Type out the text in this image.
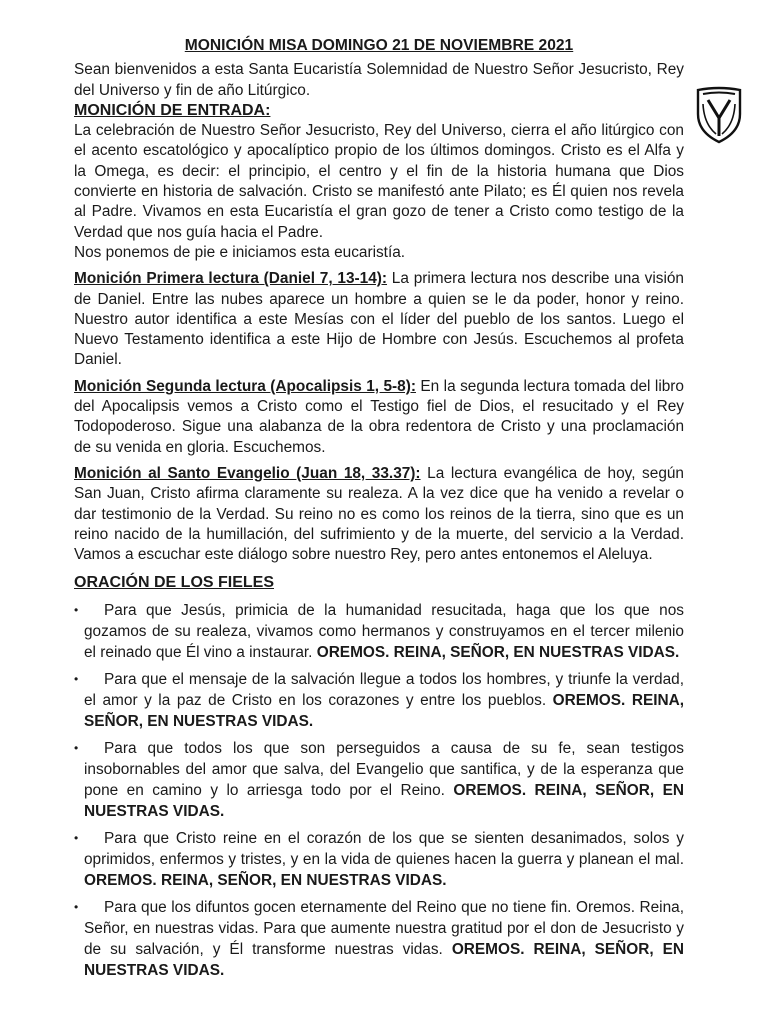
MONICIÓN MISA DOMINGO 21 DE NOVIEMBRE 2021

Sean bienvenidos a esta Santa Eucaristía Solemnidad de Nuestro Señor Jesucristo, Rey del Universo y fin de año Litúrgico.

MONICIÓN DE ENTRADA:

La celebración de Nuestro Señor Jesucristo, Rey del Universo, cierra el año litúrgico con el acento escatológico y apocalíptico propio de los últimos domingos. Cristo es el Alfa y la Omega, es decir: el principio, el centro y el fin de la historia humana que Dios convierte en historia de salvación. Cristo se manifestó ante Pilato; es Él quien nos revela al Padre. Vivamos en esta Eucaristía el gran gozo de tener a Cristo como testigo de la Verdad que nos guía hacia el Padre.

Nos ponemos de pie e iniciamos esta eucaristía.

Monición Primera lectura (Daniel 7, 13-14): La primera lectura nos describe una visión de Daniel. Entre las nubes aparece un hombre a quien se le da poder, honor y reino. Nuestro autor identifica a este Mesías con el líder del pueblo de los santos. Luego el Nuevo Testamento identifica a este Hijo de Hombre con Jesús. Escuchemos al profeta Daniel.

Monición Segunda lectura (Apocalipsis 1, 5-8): En la segunda lectura tomada del libro del Apocalipsis vemos a Cristo como el Testigo fiel de Dios, el resucitado y el Rey Todopoderoso. Sigue una alabanza de la obra redentora de Cristo y una proclamación de su venida en gloria. Escuchemos.

Monición al Santo Evangelio (Juan 18, 33.37): La lectura evangélica de hoy, según San Juan, Cristo afirma claramente su realeza. A la vez dice que ha venido a revelar o dar testimonio de la Verdad. Su reino no es como los reinos de la tierra, sino que es un reino nacido de la humillación, del sufrimiento y de la muerte, del servicio a la Verdad. Vamos a escuchar este diálogo sobre nuestro Rey, pero antes entonemos el Aleluya.

ORACIÓN DE LOS FIELES
•	Para que Jesús, primicia de la humanidad resucitada, haga que los que nos gozamos de su realeza, vivamos como hermanos y construyamos en el tercer milenio el reinado que Él vino a instaurar. OREMOS. REINA, SEÑOR, EN NUESTRAS VIDAS.
•	Para que el mensaje de la salvación llegue a todos los hombres, y triunfe la verdad, el amor y la paz de Cristo en los corazones y entre los pueblos. OREMOS. REINA, SEÑOR, EN NUESTRAS VIDAS.
•	Para que todos los que son perseguidos a causa de su fe, sean testigos insobornables del amor que salva, del Evangelio que santifica, y de la esperanza que pone en camino y lo arriesga todo por el Reino. OREMOS. REINA, SEÑOR, EN NUESTRAS VIDAS.
•	Para que Cristo reine en el corazón de los que se sienten desanimados, solos y oprimidos, enfermos y tristes, y en la vida de quienes hacen la guerra y planean el mal. OREMOS. REINA, SEÑOR, EN NUESTRAS VIDAS.
•	Para que los difuntos gocen eternamente del Reino que no tiene fin. Oremos. Reina, Señor, en nuestras vidas. Para que aumente nuestra gratitud por el don de Jesucristo y de su salvación, y Él transforme nuestras vidas. OREMOS. REINA, SEÑOR, EN NUESTRAS VIDAS.
